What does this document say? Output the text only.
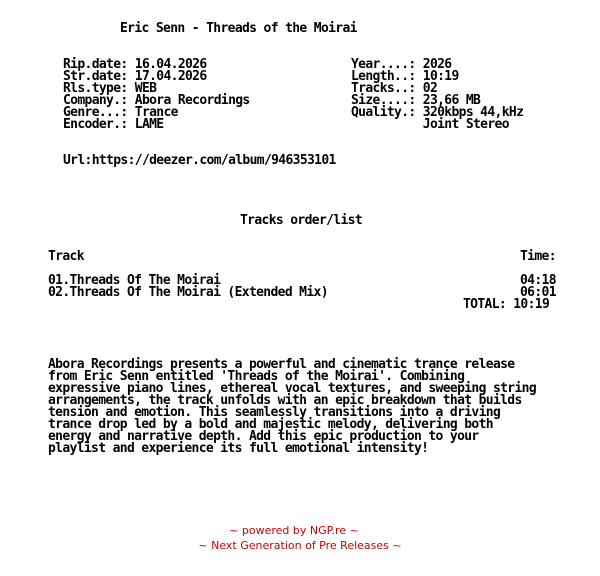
Eric Senn - Threads of the Moirai
Rip.date: 16.04.2026
Str.date: 17.04.2026
Rls.type: WEB
Company.: Abora Recordings
Genre...: Trance
Encoder.: LAME
Year....: 2026
Length..: 10:19
Tracks..: 02
Size....: 23,66 MB
Quality.: 320kbps 44,kHz
Joint Stereo
Url:https://deezer.com/album/946353101
Tracks order/list
Track	Time:
01.Threads Of The Moirai	04:18
02.Threads Of The Moirai (Extended Mix)	06:01
TOTAL: 10:19
Abora Recordings presents a powerful and cinematic trance release
from Eric Senn entitled 'Threads of the Moirai'. Combining
expressive piano lines, ethereal vocal textures, and sweeping string
arrangements, the track unfolds with an epic breakdown that builds
tension and emotion. This seamlessly transitions into a driving
trance drop led by a bold and majestic melody, delivering both
energy and narrative depth. Add this epic production to your
playlist and experience its full emotional intensity!
~ powered by NGP.re ~
~ Next Generation of Pre Releases ~
